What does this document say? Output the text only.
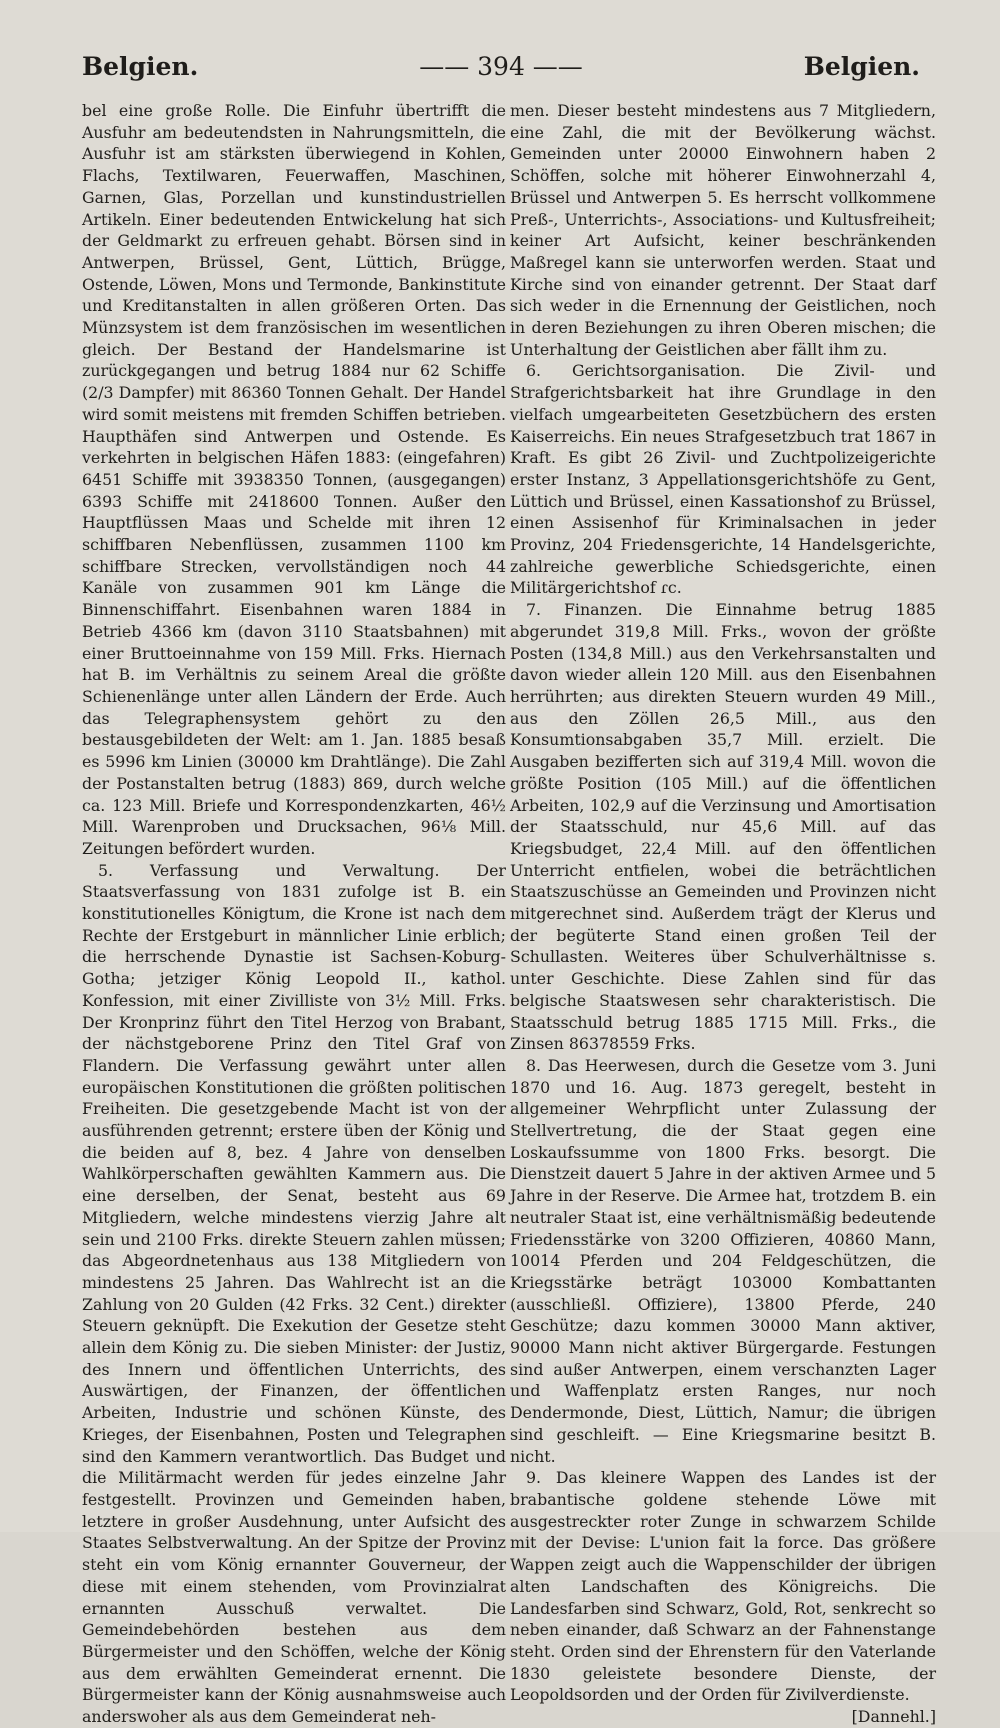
Belgien.	—— 394 ——	Belgien.

bel eine große Rolle. Die Einfuhr übertrifft die Ausfuhr am bedeutendsten in Nahrungsmitteln, die Ausfuhr ist am stärksten überwiegend in Kohlen, Flachs, Textilwaren, Feuerwaffen, Maschinen, Garnen, Glas, Porzellan und kunstindustriellen Artikeln. Einer bedeutenden Entwickelung hat sich der Geldmarkt zu erfreuen gehabt. Börsen sind in Antwerpen, Brüssel, Gent, Lüttich, Brügge, Ostende, Löwen, Mons und Termonde, Bankinstitute und Kreditanstalten in allen größeren Orten. Das Münzsystem ist dem französischen im wesentlichen gleich. Der Bestand der Handelsmarine ist zurückgegangen und betrug 1884 nur 62 Schiffe (2/3 Dampfer) mit 86360 Tonnen Gehalt. Der Handel wird somit meistens mit fremden Schiffen betrieben. Haupthäfen sind Antwerpen und Ostende. Es verkehrten in belgischen Häfen 1883: (eingefahren) 6451 Schiffe mit 3938350 Tonnen, (ausgegangen) 6393 Schiffe mit 2418600 Tonnen. Außer den Hauptflüssen Maas und Schelde mit ihren 12 schiffbaren Nebenflüssen, zusammen 1100 km schiffbare Strecken, vervollständigen noch 44 Kanäle von zusammen 901 km Länge die Binnenschiffahrt. Eisenbahnen waren 1884 in Betrieb 4366 km (davon 3110 Staatsbahnen) mit einer Bruttoeinnahme von 159 Mill. Frks. Hiernach hat B. im Verhältnis zu seinem Areal die größte Schienenlänge unter allen Ländern der Erde. Auch das Telegraphensystem gehört zu den bestausgebildeten der Welt: am 1. Jan. 1885 besaß es 5996 km Linien (30000 km Drahtlänge). Die Zahl der Postanstalten betrug (1883) 869, durch welche ca. 123 Mill. Briefe und Korrespondenzkarten, 46½ Mill. Warenproben und Drucksachen, 96⅛ Mill. Zeitungen befördert wurden.

5. Verfassung und Verwaltung. Der Staatsverfassung von 1831 zufolge ist B. ein konstitutionelles Königtum, die Krone ist nach dem Rechte der Erstgeburt in männlicher Linie erblich; die herrschende Dynastie ist Sachsen-Koburg-Gotha; jetziger König Leopold II., kathol. Konfession, mit einer Zivilliste von 3½ Mill. Frks. Der Kronprinz führt den Titel Herzog von Brabant, der nächstgeborene Prinz den Titel Graf von Flandern. Die Verfassung gewährt unter allen europäischen Konstitutionen die größten politischen Freiheiten. Die gesetzgebende Macht ist von der ausführenden getrennt; erstere üben der König und die beiden auf 8, bez. 4 Jahre von denselben Wahlkörperschaften gewählten Kammern aus. Die eine derselben, der Senat, besteht aus 69 Mitgliedern, welche mindestens vierzig Jahre alt sein und 2100 Frks. direkte Steuern zahlen müssen; das Abgeordnetenhaus aus 138 Mitgliedern von mindestens 25 Jahren. Das Wahlrecht ist an die Zahlung von 20 Gulden (42 Frks. 32 Cent.) direkter Steuern geknüpft. Die Exekution der Gesetze steht allein dem König zu. Die sieben Minister: der Justiz, des Innern und öffentlichen Unterrichts, des Auswärtigen, der Finanzen, der öffentlichen Arbeiten, Industrie und schönen Künste, des Krieges, der Eisenbahnen, Posten und Telegraphen sind den Kammern verantwortlich. Das Budget und die Militärmacht werden für jedes einzelne Jahr festgestellt. Provinzen und Gemeinden haben, letztere in großer Ausdehnung, unter Aufsicht des Staates Selbstverwaltung. An der Spitze der Provinz steht ein vom König ernannter Gouverneur, der diese mit einem stehenden, vom Provinzialrat ernannten Ausschuß verwaltet. Die Gemeindebehörden bestehen aus dem Bürgermeister und den Schöffen, welche der König aus dem erwählten Gemeinderat ernennt. Die Bürgermeister kann der König ausnahmsweise auch anderswoher als aus dem Gemeinderat neh-

men. Dieser besteht mindestens aus 7 Mitgliedern, eine Zahl, die mit der Bevölkerung wächst. Gemeinden unter 20000 Einwohnern haben 2 Schöffen, solche mit höherer Einwohnerzahl 4, Brüssel und Antwerpen 5. Es herrscht vollkommene Preß-, Unterrichts-, Associations- und Kultusfreiheit; keiner Art Aufsicht, keiner beschränkenden Maßregel kann sie unterworfen werden. Staat und Kirche sind von einander getrennt. Der Staat darf sich weder in die Ernennung der Geistlichen, noch in deren Beziehungen zu ihren Oberen mischen; die Unterhaltung der Geistlichen aber fällt ihm zu.

6. Gerichtsorganisation. Die Zivil- und Strafgerichtsbarkeit hat ihre Grundlage in den vielfach umgearbeiteten Gesetzbüchern des ersten Kaiserreichs. Ein neues Strafgesetzbuch trat 1867 in Kraft. Es gibt 26 Zivil- und Zuchtpolizeigerichte erster Instanz, 3 Appellationsgerichtshöfe zu Gent, Lüttich und Brüssel, einen Kassationshof zu Brüssel, einen Assisenhof für Kriminalsachen in jeder Provinz, 204 Friedensgerichte, 14 Handelsgerichte, zahlreiche gewerbliche Schiedsgerichte, einen Militärgerichtshof ɾc.

7. Finanzen. Die Einnahme betrug 1885 abgerundet 319,8 Mill. Frks., wovon der größte Posten (134,8 Mill.) aus den Verkehrsanstalten und davon wieder allein 120 Mill. aus den Eisenbahnen herrührten; aus direkten Steuern wurden 49 Mill., aus den Zöllen 26,5 Mill., aus den Konsumtionsabgaben 35,7 Mill. erzielt. Die Ausgaben bezifferten sich auf 319,4 Mill. wovon die größte Position (105 Mill.) auf die öffentlichen Arbeiten, 102,9 auf die Verzinsung und Amortisation der Staatsschuld, nur 45,6 Mill. auf das Kriegsbudget, 22,4 Mill. auf den öffentlichen Unterricht entfielen, wobei die beträchtlichen Staatszuschüsse an Gemeinden und Provinzen nicht mitgerechnet sind. Außerdem trägt der Klerus und der begüterte Stand einen großen Teil der Schullasten. Weiteres über Schulverhältnisse s. unter Geschichte. Diese Zahlen sind für das belgische Staatswesen sehr charakteristisch. Die Staatsschuld betrug 1885 1715 Mill. Frks., die Zinsen 86378559 Frks.

8. Das Heerwesen, durch die Gesetze vom 3. Juni 1870 und 16. Aug. 1873 geregelt, besteht in allgemeiner Wehrpflicht unter Zulassung der Stellvertretung, die der Staat gegen eine Loskaufssumme von 1800 Frks. besorgt. Die Dienstzeit dauert 5 Jahre in der aktiven Armee und 5 Jahre in der Reserve. Die Armee hat, trotzdem B. ein neutraler Staat ist, eine verhältnismäßig bedeutende Friedensstärke von 3200 Offizieren, 40860 Mann, 10014 Pferden und 204 Feldgeschützen, die Kriegsstärke beträgt 103000 Kombattanten (ausschließl. Offiziere), 13800 Pferde, 240 Geschütze; dazu kommen 30000 Mann aktiver, 90000 Mann nicht aktiver Bürgergarde. Festungen sind außer Antwerpen, einem verschanzten Lager und Waffenplatz ersten Ranges, nur noch Dendermonde, Diest, Lüttich, Namur; die übrigen sind geschleift. — Eine Kriegsmarine besitzt B. nicht.

9. Das kleinere Wappen des Landes ist der brabantische goldene stehende Löwe mit ausgestreckter roter Zunge in schwarzem Schilde mit der Devise: L'union fait la force. Das größere Wappen zeigt auch die Wappenschilder der übrigen alten Landschaften des Königreichs. Die Landesfarben sind Schwarz, Gold, Rot, senkrecht so neben einander, daß Schwarz an der Fahnenstange steht. Orden sind der Ehrenstern für den Vaterlande 1830 geleistete besondere Dienste, der Leopoldsorden und der Orden für Zivilverdienste.

[Dannehl.]
